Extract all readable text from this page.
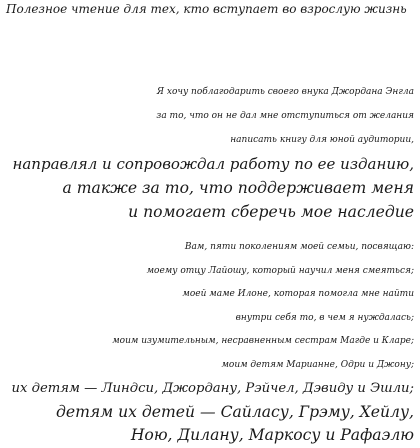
Полезное чтение для тех, кто вступает во взрослую жизнь
Я хочу поблагодарить своего внука Джордана Энгла
за то, что он не дал мне отступиться от желания
написать книгу для юной аудитории,
направлял и сопровождал работу по ее изданию,
а также за то, что поддерживает меня
и помогает сберечь мое наследие
Вам, пяти поколениям моей семьи, посвящаю:
моему отцу Лайошу, который научил меня смеяться;
моей маме Илоне, которая помогла мне найти
внутри себя то, в чем я нуждалась;
моим изумительным, несравненным сестрам Магде и Кларе;
моим детям Марианне, Одри и Джону;
их детям — Линдси, Джордану, Рэйчел, Дэвиду и Эшли;
детям их детей — Сайласу, Грэму, Хейлу,
Ною, Дилану, Маркосу и Рафаэлю
